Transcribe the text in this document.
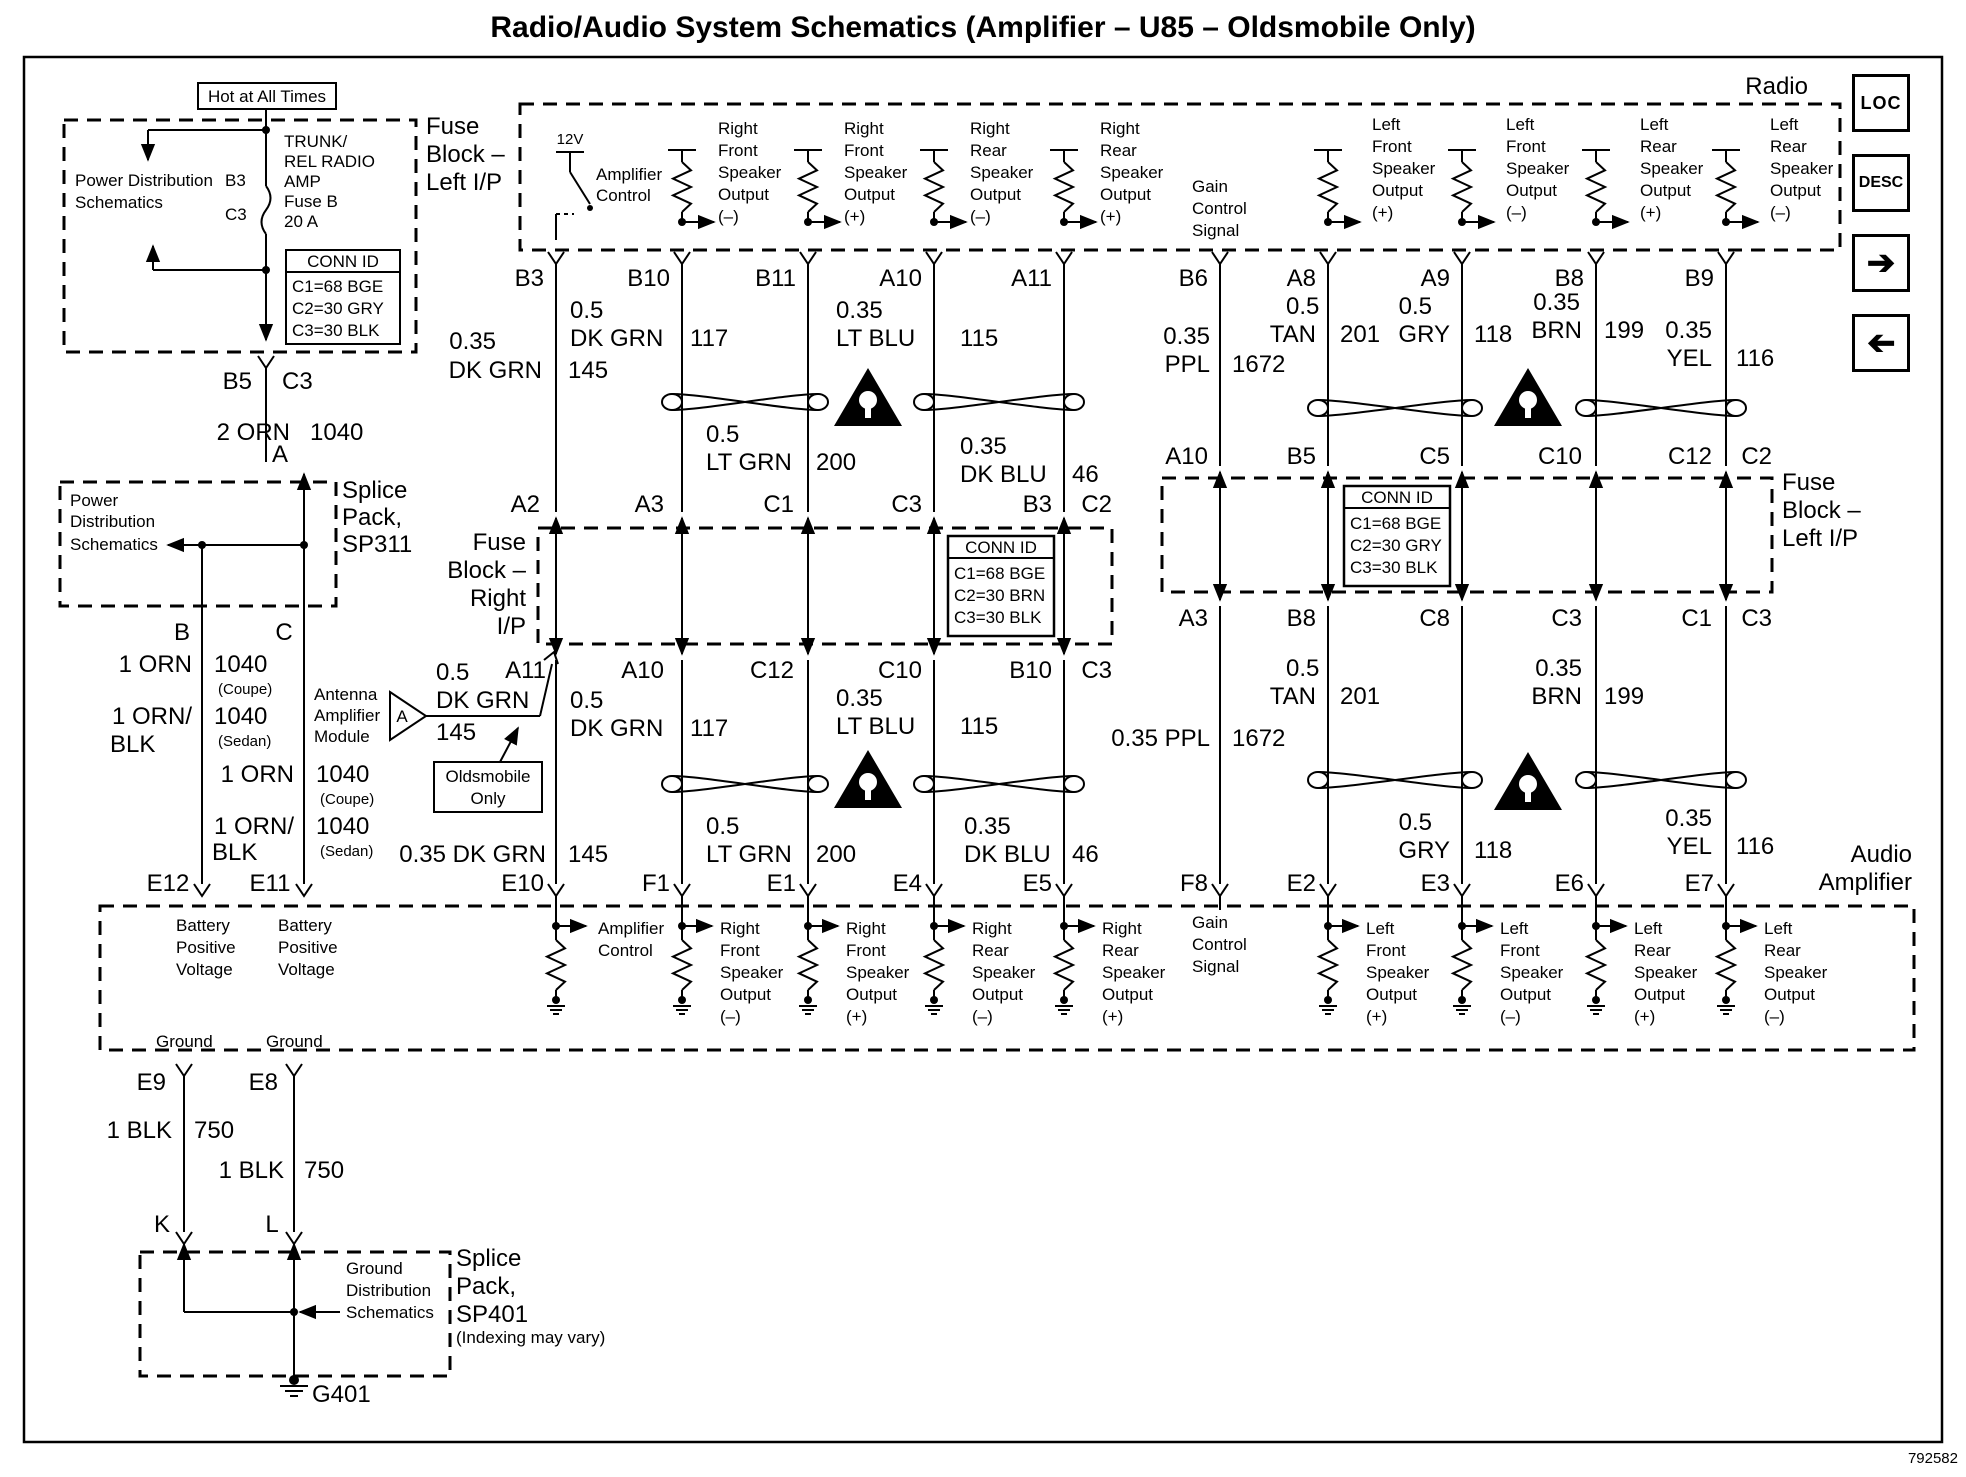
Radio/Audio System Schematics (Amplifier – U85 – Oldsmobile Only)
792582
Hot at All Times
Power Distribution
Schematics
B3
C3
TRUNK/
REL RADIO
AMP
Fuse B
20 A
CONN ID
C1=68 BGE
C2=30 GRY
C3=30 BLK
Fuse
Block –
Left I/P
B5 C3
2 ORN 1040
A
Power
Distribution
Schematics
Splice
Pack,
SP311
B	C
1 ORN
1 ORN/
BLK
1040
(Coupe)
1040
(Sedan)
1 ORN 1040
(Coupe)
1 ORN/
BLK
1040
(Sedan)
E12	E11
Radio
12V
Amplifier
Control	Gain
Control
Signal
Right
Front
Speaker
Output
(–)
Right
Front
Speaker
Output
(+)
Right
Rear
Speaker
Output
(–)
Right
Rear
Speaker
Output
(+)
Left
Front
Speaker
Output
(+)
Left
Front
Speaker
Output
(–)
Left
Rear
Speaker
Output
(+)
Left
Rear
Speaker
Output
(–)
Fuse
Block –
Right
I/P
CONN ID
C1=68 BGE
C2=30 BRN
C3=30 BLK
Fuse
Block –
Left I/P
CONN ID
C1=68 BGE
C2=30 GRY
C3=30 BLK
A
Antenna
Amplifier
Module
0.5
DK GRN
145
Oldsmobile
Only
Audio
Amplifier
Battery
Positive
Voltage
Battery
Positive
Voltage
Ground	Ground
Amplifier
Control
Gain
Control
Signal
Right
Front
Speaker
Output
(–)
Right
Front
Speaker
Output
(+)
Right
Rear
Speaker
Output
(–)
Right
Rear
Speaker
Output
(+)
Left
Front
Speaker
Output
(+)
Left
Front
Speaker
Output
(–)
Left
Rear
Speaker
Output
(+)
Left
Rear
Speaker
Output
(–)
B3	B10	B11	A10	A11	B6	A8	A9	B8	B9
A2	A3	C1	C3	B3 C2
A11	A10	C12	C10	B10 C3
A10	B5	C5	C10	C12 C2
A3	B8	C8	C3	C1 C3
E10	F1	E1	E4	E5	F8	E2	E3	E6	E7
0.35
DK GRN 145
0.5
DK GRN 117
0.35
LT BLU 115
0.5
LT GRN 200
0.35
DK BLU 46
0.35
PPL 1672
0.5
TAN 201
0.5
GRY 118
0.35
BRN 199 0.35
YEL 116
0.5
DK GRN 117
0.35
LT BLU 115
0.5
LT GRN 200
0.35
DK BLU 46
0.35 DK GRN 145
0.35 PPL 1672
0.5
TAN 201
0.35
BRN 199
0.5
GRY 118
0.35
YEL 116
E9	E8
1 BLK 750
1 BLK 750
K	L
Ground
Distribution
Schematics
Splice
Pack,
SP401
(Indexing may vary)
G401
LOC
DESC
➔
➔
